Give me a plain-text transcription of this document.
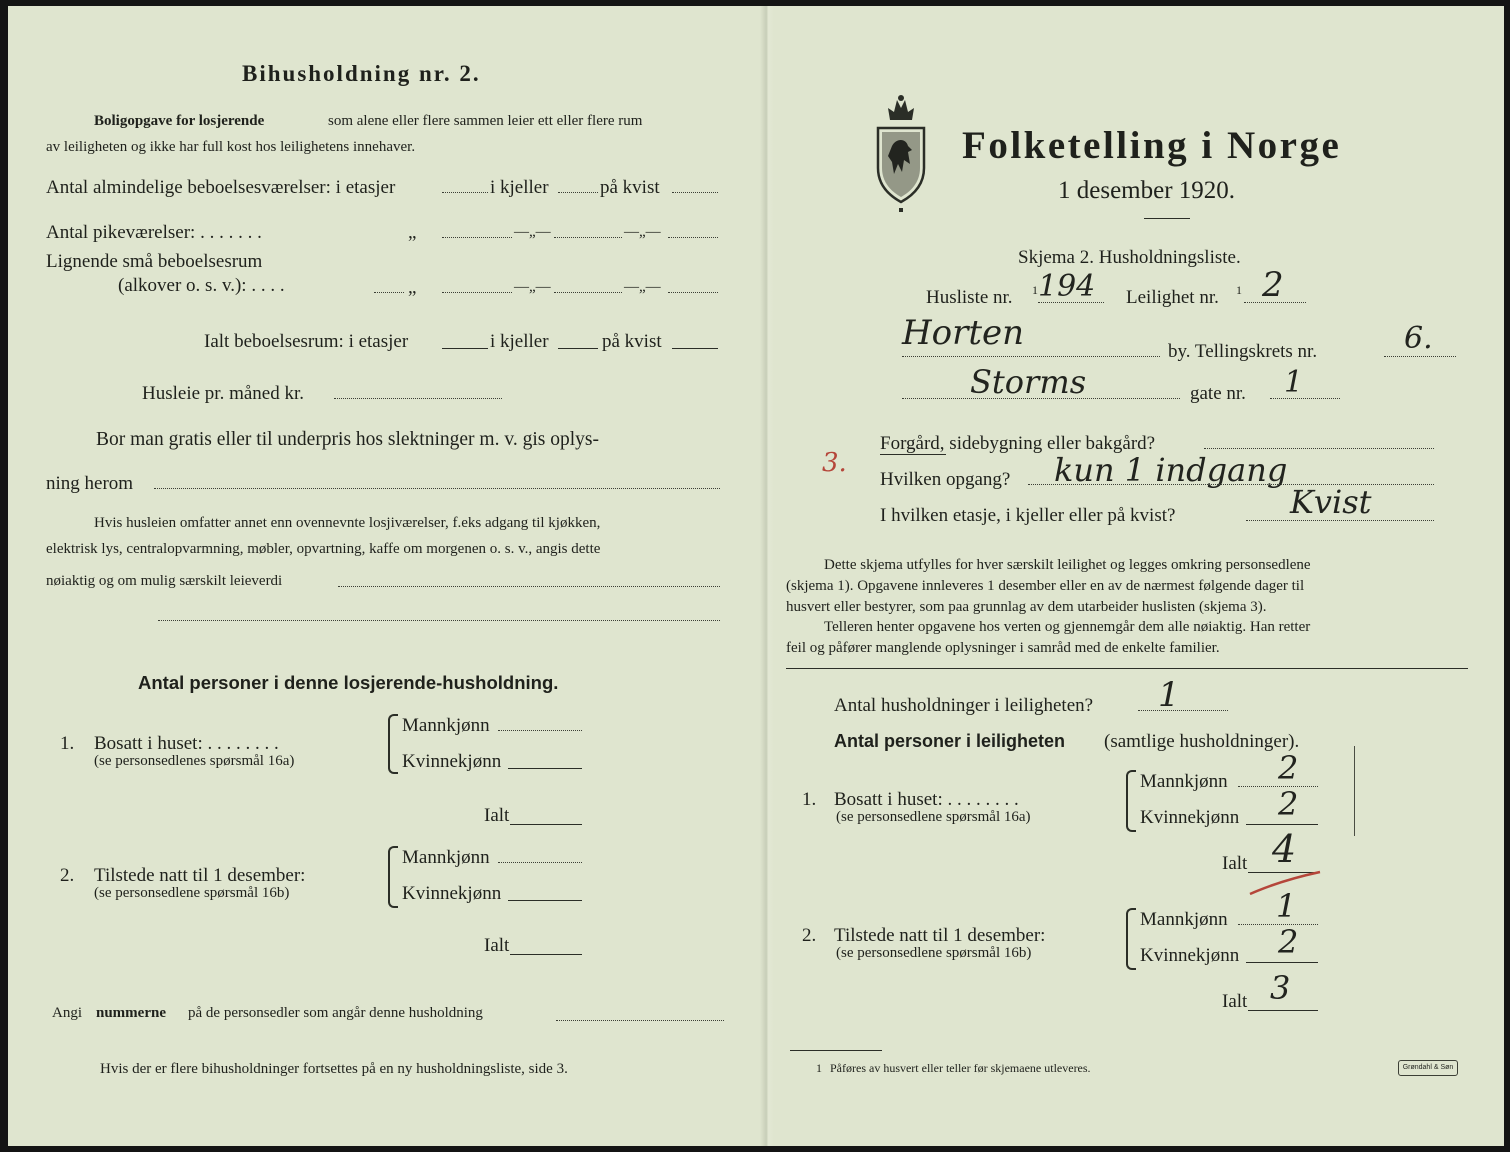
Bihusholdning nr. 2.
Boligopgave for losjerende	som alene eller flere sammen leier ett eller flere rum
av leiligheten og ikke har full kost hos leilighetens innehaver.
Antal almindelige beboelsesværelser: i etasjer	i kjeller	på kvist
Antal pikeværelser: . . . . . . .	„	—„—	—„—
Lignende små beboelsesrum
(alkover o. s. v.): . . . .	„	—„—	—„—
Ialt beboelsesrum: i etasjer	i kjeller	på kvist
Husleie pr. måned kr.
Bor man gratis eller til underpris hos slektninger m. v. gis oplys-
ning herom
Hvis husleien omfatter annet enn ovennevnte losjiværelser, f.eks adgang til kjøkken,
elektrisk lys, centralopvarmning, møbler, opvartning, kaffe om morgenen o. s. v., angis dette
nøiaktig og om mulig særskilt leieverdi
Antal personer i denne losjerende-husholdning.
1. Bosatt i huset: . . . . . . . .
(se personsedlenes spørsmål 16a)
Mannkjønn
Kvinnekjønn
Ialt
2. Tilstede natt til 1 desember:
(se personsedlene spørsmål 16b)
Mannkjønn
Kvinnekjønn
Ialt
Angi nummerne på de personsedler som angår denne husholdning
Hvis der er flere bihusholdninger fortsettes på en ny husholdningsliste, side 3.
Folketelling i Norge
1 desember 1920.
Skjema 2. Husholdningsliste.
Husliste nr. 1 194 Leilighet nr. 1 2
Horten	by. Tellingskrets nr.	6.
Storms	gate nr. 1
3.
Forgård, sidebygning eller bakgård?
Hvilken opgang? kun 1 indgang
I hvilken etasje, i kjeller eller på kvist?	Kvist
Dette skjema utfylles for hver særskilt leilighet og legges omkring personsedlene
(skjema 1). Opgavene innleveres 1 desember eller en av de nærmest følgende dager til
husvert eller bestyrer, som paa grunnlag av dem utarbeider huslisten (skjema 3).
Telleren henter opgavene hos verten og gjennemgår dem alle nøiaktig. Han retter
feil og påfører manglende oplysninger i samråd med de enkelte familier.
Antal husholdninger i leiligheten? 1
Antal personer i leiligheten (samtlige husholdninger).
1. Bosatt i huset: . . . . . . . .
(se personsedlene spørsmål 16a)
Mannkjønn 2
Kvinnekjønn 2
Ialt 4
2. Tilstede natt til 1 desember:
(se personsedlene spørsmål 16b)
Mannkjønn 1
Kvinnekjønn 2
Ialt 3
1 Påføres av husvert eller teller før skjemaene utleveres.	Grøndahl & Søn
